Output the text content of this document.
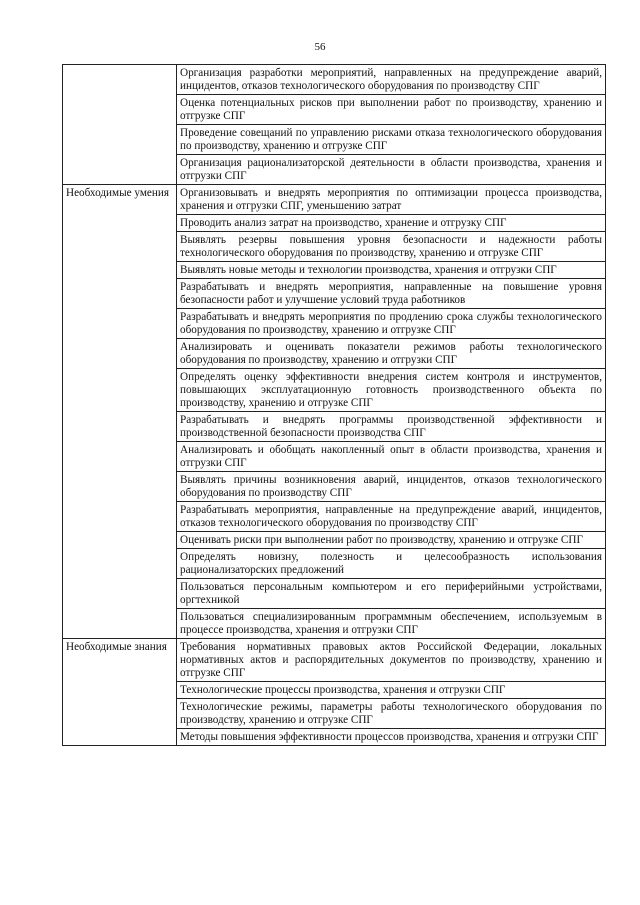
56
	Организация разработки мероприятий, направленных на предупреждение аварий, инцидентов, отказов технологического оборудования по производству СПГ
	Оценка потенциальных рисков при выполнении работ по производству, хранению и отгрузке СПГ
	Проведение совещаний по управлению рисками отказа технологического оборудования по производству, хранению и отгрузке СПГ
	Организация рационализаторской деятельности в области производства, хранения и отгрузки СПГ
Необходимые умения	Организовывать и внедрять мероприятия по оптимизации процесса производства, хранения и отгрузки СПГ, уменьшению затрат
	Проводить анализ затрат на производство, хранение и отгрузку СПГ
	Выявлять резервы повышения уровня безопасности и надежности работы технологического оборудования по производству, хранению и отгрузке СПГ
	Выявлять новые методы и технологии производства, хранения и отгрузки СПГ
	Разрабатывать и внедрять мероприятия, направленные на повышение уровня безопасности работ и улучшение условий труда работников
	Разрабатывать и внедрять мероприятия по продлению срока службы технологического оборудования по производству, хранению и отгрузке СПГ
	Анализировать и оценивать показатели режимов работы технологического оборудования по производству, хранению и отгрузки СПГ
	Определять оценку эффективности внедрения систем контроля и инструментов, повышающих эксплуатационную готовность производственного объекта по производству, хранению и отгрузке СПГ
	Разрабатывать и внедрять программы производственной эффективности и производственной безопасности производства СПГ
	Анализировать и обобщать накопленный опыт в области производства, хранения и отгрузки СПГ
	Выявлять причины возникновения аварий, инцидентов, отказов технологического оборудования по производству СПГ
	Разрабатывать мероприятия, направленные на предупреждение аварий, инцидентов, отказов технологического оборудования по производству СПГ
	Оценивать риски при выполнении работ по производству, хранению и отгрузке СПГ
	Определять новизну, полезность и целесообразность использования рационализаторских предложений
	Пользоваться персональным компьютером и его периферийными устройствами, оргтехникой
	Пользоваться специализированным программным обеспечением, используемым в процессе производства, хранения и отгрузки СПГ
Необходимые знания	Требования нормативных правовых актов Российской Федерации, локальных нормативных актов и распорядительных документов по производству, хранению и отгрузке СПГ
	Технологические процессы производства, хранения и отгрузки СПГ
	Технологические режимы, параметры работы технологического оборудования по производству, хранению и отгрузке СПГ
	Методы повышения эффективности процессов производства, хранения и отгрузки СПГ
